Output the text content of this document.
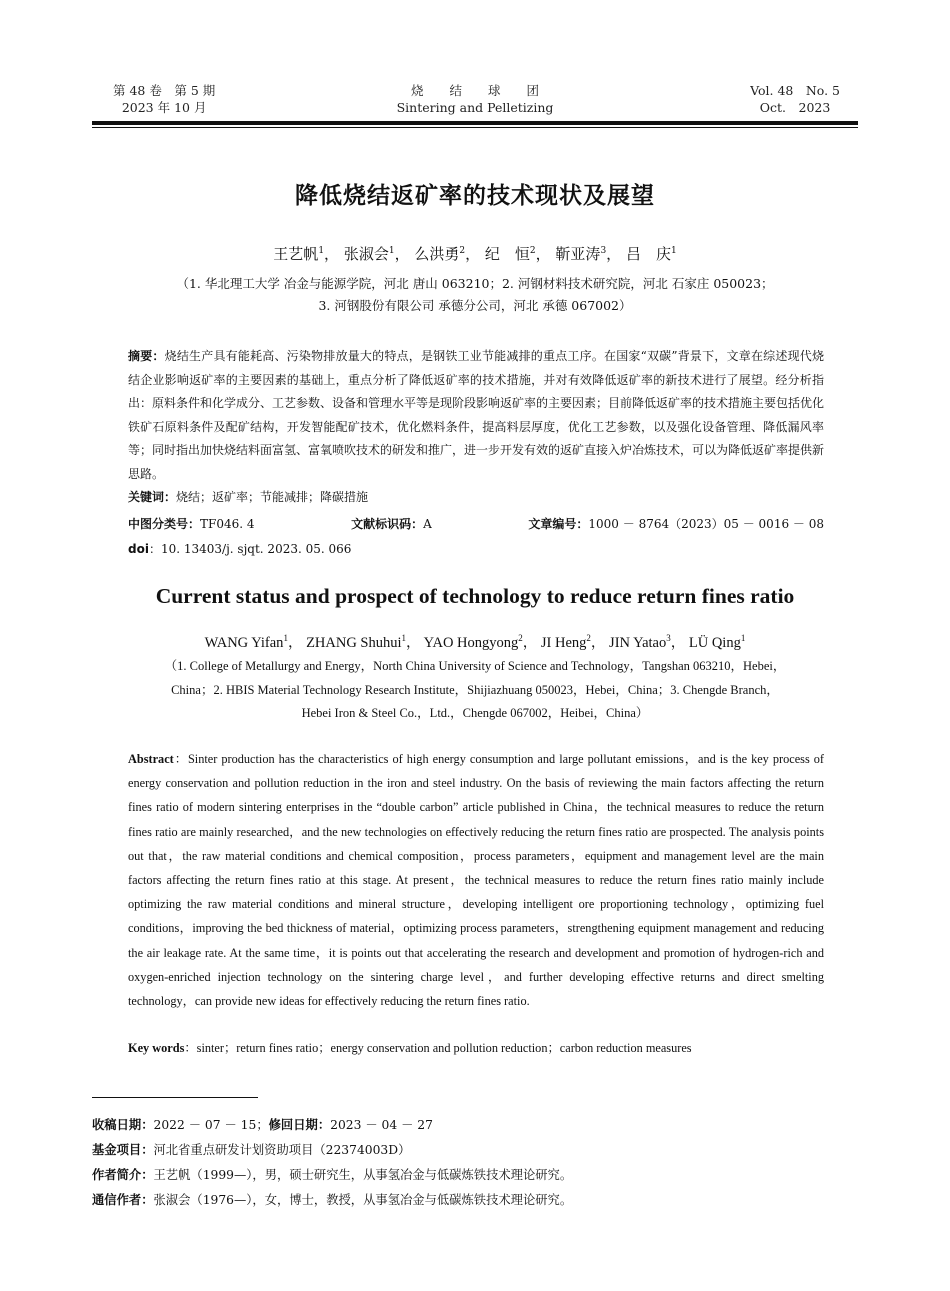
第 48 卷　第 5 期
2023 年 10 月
烧结球团
Sintering and Pelletizing
Vol. 48　No. 5
Oct.　2023
降低烧结返矿率的技术现状及展望
王艺帆$^1$， 张淑会$^1$， 么洪勇$^2$， 纪　恒$^2$， 靳亚涛$^3$， 吕　庆$^1$
（1. 华北理工大学 冶金与能源学院，河北 唐山 063210；2. 河钢材料技术研究院，河北 石家庄 050023；
3. 河钢股份有限公司 承德分公司，河北 承德 067002）
摘要：烧结生产具有能耗高、污染物排放量大的特点，是钢铁工业节能减排的重点工序。在国家“双碳”背景下，文章在综述现代烧结企业影响返矿率的主要因素的基础上，重点分析了降低返矿率的技术措施，并对有效降低返矿率的新技术进行了展望。经分析指出：原料条件和化学成分、工艺参数、设备和管理水平等是现阶段影响返矿率的主要因素；目前降低返矿率的技术措施主要包括优化铁矿石原料条件及配矿结构，开发智能配矿技术，优化燃料条件，提高料层厚度，优化工艺参数，以及强化设备管理、降低漏风率等；同时指出加快烧结料面富氢、富氧喷吹技术的研发和推广，进一步开发有效的返矿直接入炉冶炼技术，可以为降低返矿率提供新思路。
关键词：烧结；返矿率；节能减排；降碳措施
中图分类号：TF046. 4	文献标识码：A	文章编号：1000 － 8764（2023）05 － 0016 － 08
doi：10. 13403/j. sjqt. 2023. 05. 066
Current status and prospect of technology to reduce return fines ratio
WANG Yifan$^1$， ZHANG Shuhui$^1$， YAO Hongyong$^2$， JI Heng$^2$， JIN Yatao$^3$， LÜ Qing$^1$
（1. College of Metallurgy and Energy，North China University of Science and Technology，Tangshan 063210，Hebei，
China；2. HBIS Material Technology Research Institute，Shijiazhuang 050023，Hebei，China；3. Chengde Branch，
Hebei Iron & Steel Co.，Ltd.，Chengde 067002，Heibei，China）
Abstract：Sinter production has the characteristics of high energy consumption and large pollutant emissions，and is the key process of energy conservation and pollution reduction in the iron and steel industry. On the basis of reviewing the main factors affecting the return fines ratio of modern sintering enterprises in the “double carbon” article published in China，the technical measures to reduce the return fines ratio are mainly researched，and the new technologies on effectively reducing the return fines ratio are prospected. The analysis points out that，the raw material conditions and chemical composition，process parameters，equipment and management level are the main factors affecting the return fines ratio at this stage. At present，the technical measures to reduce the return fines ratio mainly include optimizing the raw material conditions and mineral structure，developing intelligent ore proportioning technology，optimizing fuel conditions，improving the bed thickness of material，optimizing process parameters，strengthening equipment management and reducing the air leakage rate. At the same time，it is points out that accelerating the research and development and promotion of hydrogen-rich and oxygen-enriched injection technology on the sintering charge level，and further developing effective returns and direct smelting technology，can provide new ideas for effectively reducing the return fines ratio.
Key words：sinter；return fines ratio；energy conservation and pollution reduction；carbon reduction measures
收稿日期：2022 － 07 － 15；修回日期：2023 － 04 － 27
基金项目：河北省重点研发计划资助项目（22374003D）
作者简介：王艺帆（1999—），男，硕士研究生，从事氢冶金与低碳炼铁技术理论研究。
通信作者：张淑会（1976—），女，博士，教授，从事氢冶金与低碳炼铁技术理论研究。
